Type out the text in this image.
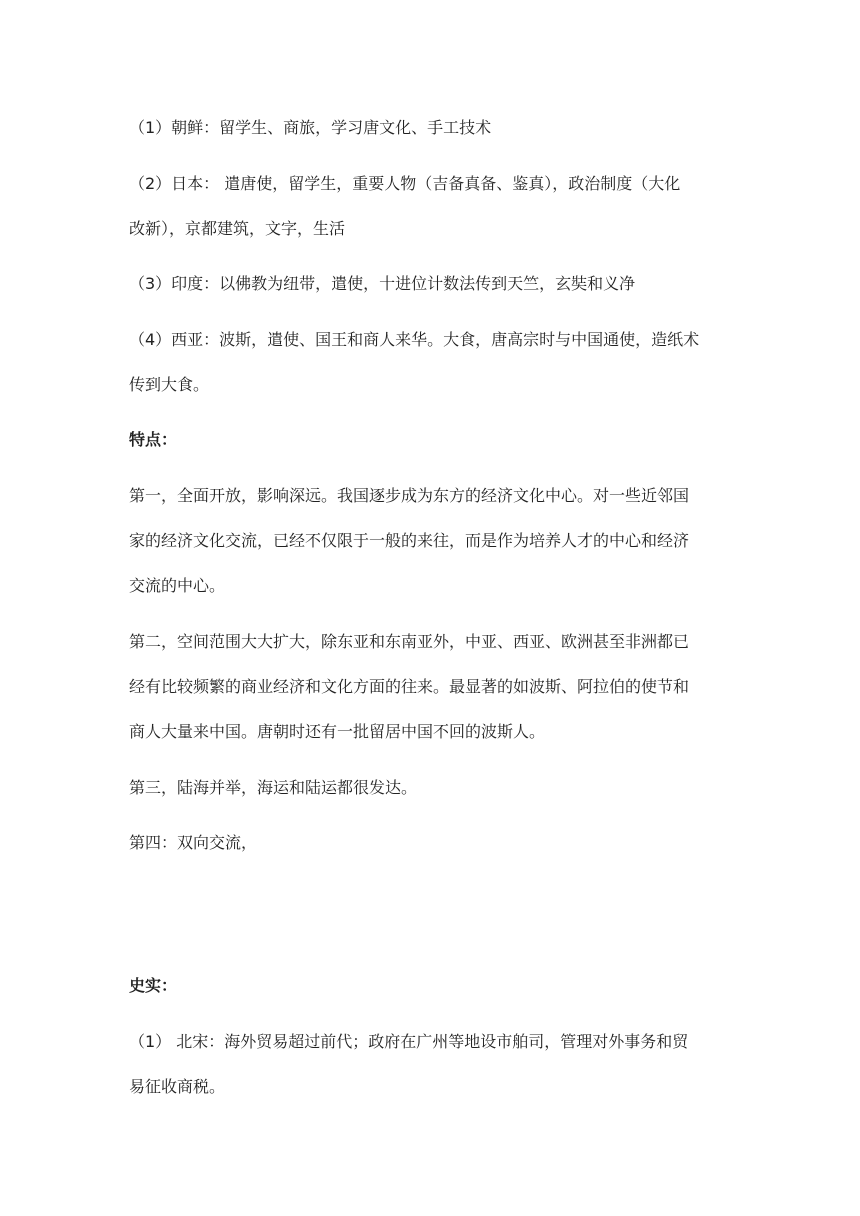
（1）朝鲜：留学生、商旅，学习唐文化、手工技术
（2）日本： 遣唐使，留学生，重要人物（吉备真备、鉴真），政治制度（大化
改新），京都建筑，文字，生活
（3）印度：以佛教为纽带，遣使，十进位计数法传到天竺，玄奘和义净
（4）西亚：波斯，遣使、国王和商人来华。大食，唐高宗时与中国通使，造纸术
传到大食。
特点：
第一，全面开放，影响深远。我国逐步成为东方的经济文化中心。对一些近邻国
家的经济文化交流，已经不仅限于一般的来往，而是作为培养人才的中心和经济
交流的中心。
第二，空间范围大大扩大，除东亚和东南亚外，中亚、西亚、欧洲甚至非洲都已
经有比较频繁的商业经济和文化方面的往来。最显著的如波斯、阿拉伯的使节和
商人大量来中国。唐朝时还有一批留居中国不回的波斯人。
第三，陆海并举，海运和陆运都很发达。
第四：双向交流，
史实：
（1） 北宋：海外贸易超过前代；政府在广州等地设市舶司，管理对外事务和贸
易征收商税。
